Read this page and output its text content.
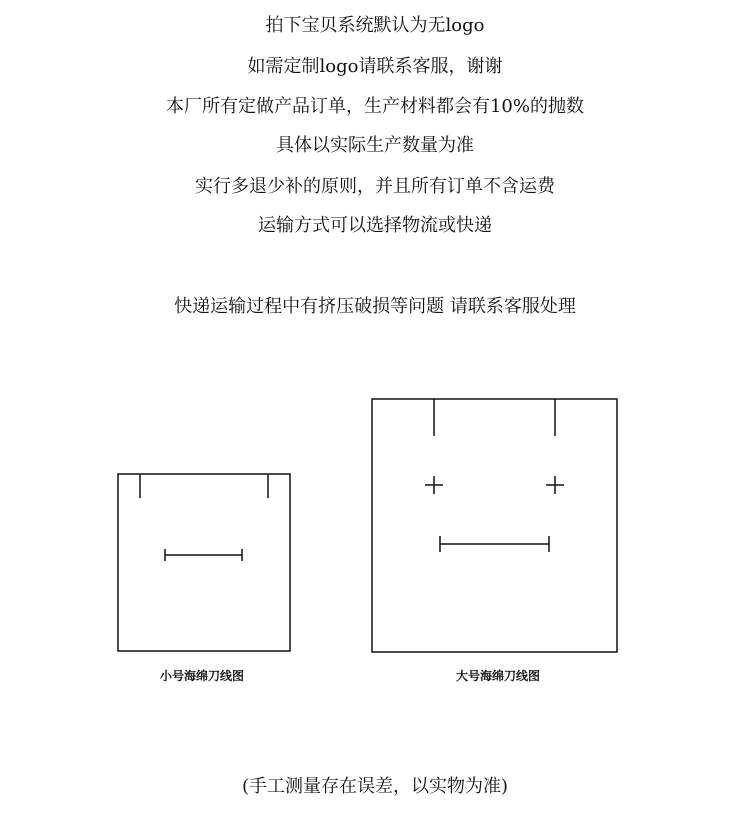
拍下宝贝系统默认为无logo
如需定制logo请联系客服，谢谢
本厂所有定做产品订单，生产材料都会有10%的抛数
具体以实际生产数量为准
实行多退少补的原则，并且所有订单不含运费
运输方式可以选择物流或快递
快递运输过程中有挤压破损等问题 请联系客服处理
小号海绵刀线图	大号海绵刀线图
(手工测量存在误差，以实物为准)
